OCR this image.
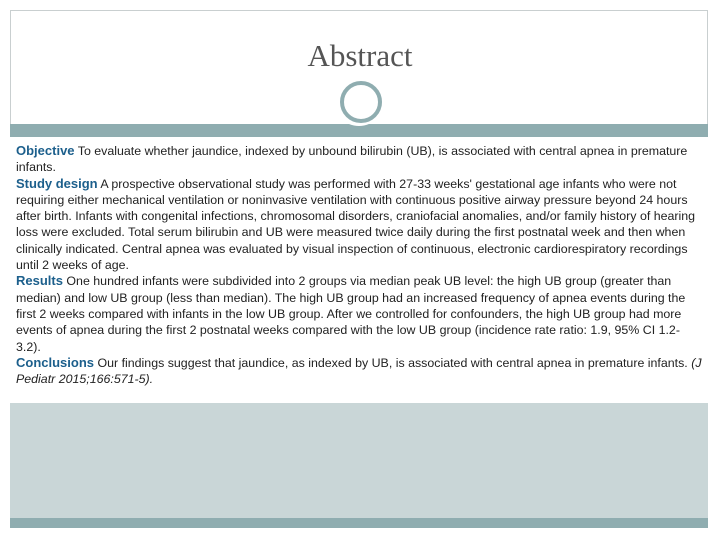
Abstract

Objective To evaluate whether jaundice, indexed by unbound bilirubin (UB), is associated with central apnea in premature infants.
Study design A prospective observational study was performed with 27-33 weeks' gestational age infants who were not requiring either mechanical ventilation or noninvasive ventilation with continuous positive airway pressure beyond 24 hours after birth. Infants with congenital infections, chromosomal disorders, craniofacial anomalies, and/or family history of hearing loss were excluded. Total serum bilirubin and UB were measured twice daily during the first postnatal week and then when clinically indicated. Central apnea was evaluated by visual inspection of continuous, electronic cardiorespiratory recordings until 2 weeks of age.
Results One hundred infants were subdivided into 2 groups via median peak UB level: the high UB group (greater than median) and low UB group (less than median). The high UB group had an increased frequency of apnea events during the first 2 weeks compared with infants in the low UB group. After we controlled for confounders, the high UB group had more events of apnea during the first 2 postnatal weeks compared with the low UB group (incidence rate ratio: 1.9, 95% CI 1.2-3.2).
Conclusions Our findings suggest that jaundice, as indexed by UB, is associated with central apnea in premature infants. (J Pediatr 2015;166:571-5).
